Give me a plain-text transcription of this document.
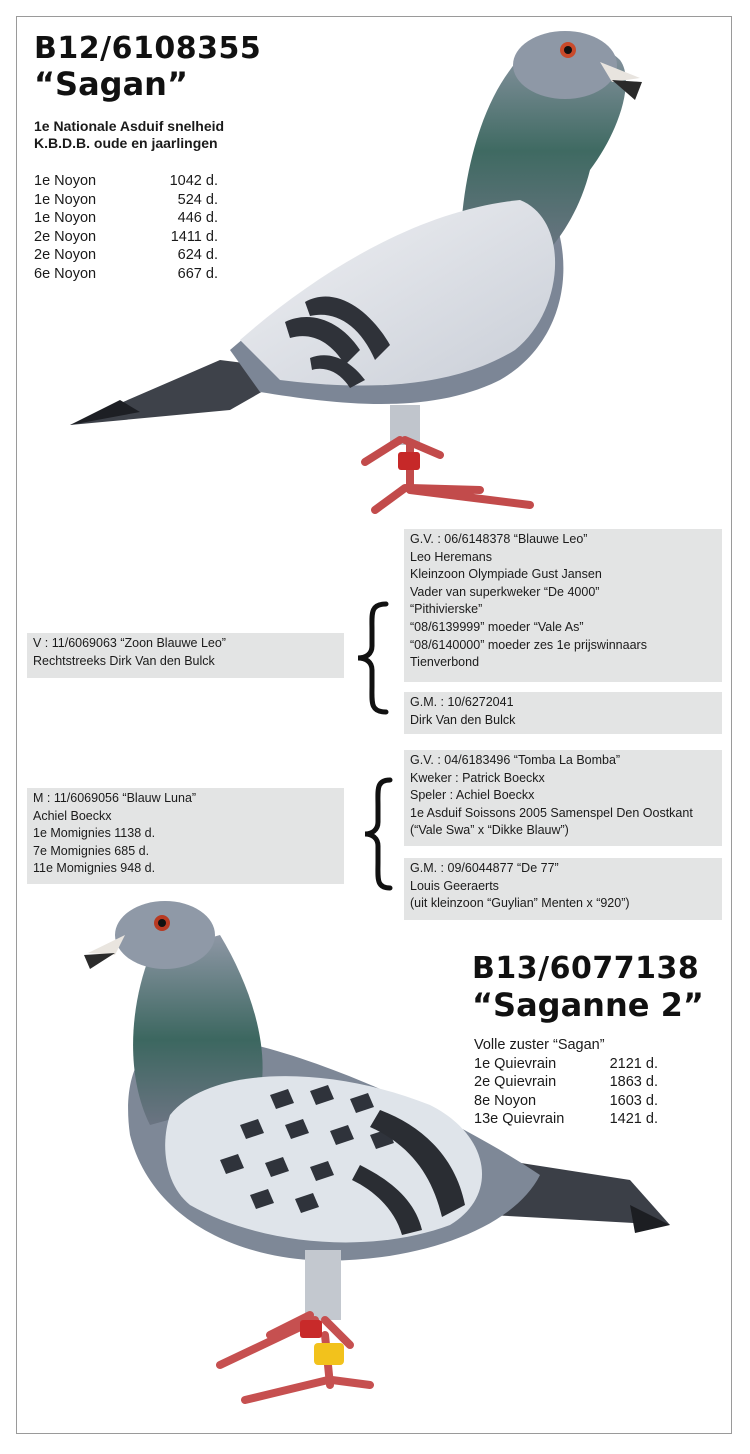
B12/6108355
“Sagan”
1e Nationale Asduif snelheid
K.B.D.B. oude en jaarlingen
1e Noyon	1042 d.
1e Noyon	524 d.
1e Noyon	446 d.
2e Noyon	1411 d.
2e Noyon	624 d.
6e Noyon	667 d.
G.V. : 06/6148378 “Blauwe Leo”
Leo Heremans
Kleinzoon Olympiade Gust Jansen
Vader van superkweker “De 4000”
“Pithivierske”
“08/6139999” moeder “Vale As”
“08/6140000” moeder zes 1e prijswinnaars
Tienverbond
G.M. : 10/6272041
Dirk Van den Bulck
V : 11/6069063 “Zoon Blauwe Leo”
Rechtstreeks Dirk Van den Bulck
G.V. : 04/6183496 “Tomba La Bomba”
Kweker : Patrick Boeckx
Speler : Achiel Boeckx
1e Asduif Soissons 2005 Samenspel Den Oostkant
(“Vale Swa” x “Dikke Blauw”)
G.M. : 09/6044877 “De 77”
Louis Geeraerts
(uit kleinzoon “Guylian” Menten x “920”)
M : 11/6069056 “Blauw Luna”
Achiel Boeckx
1e Momignies 1138 d.
7e Momignies 685 d.
11e Momignies 948 d.
B13/6077138
“Saganne 2”
Volle zuster “Sagan”
1e Quievrain	2121 d.
2e Quievrain	1863 d.
8e Noyon	1603 d.
13e Quievrain	1421 d.
